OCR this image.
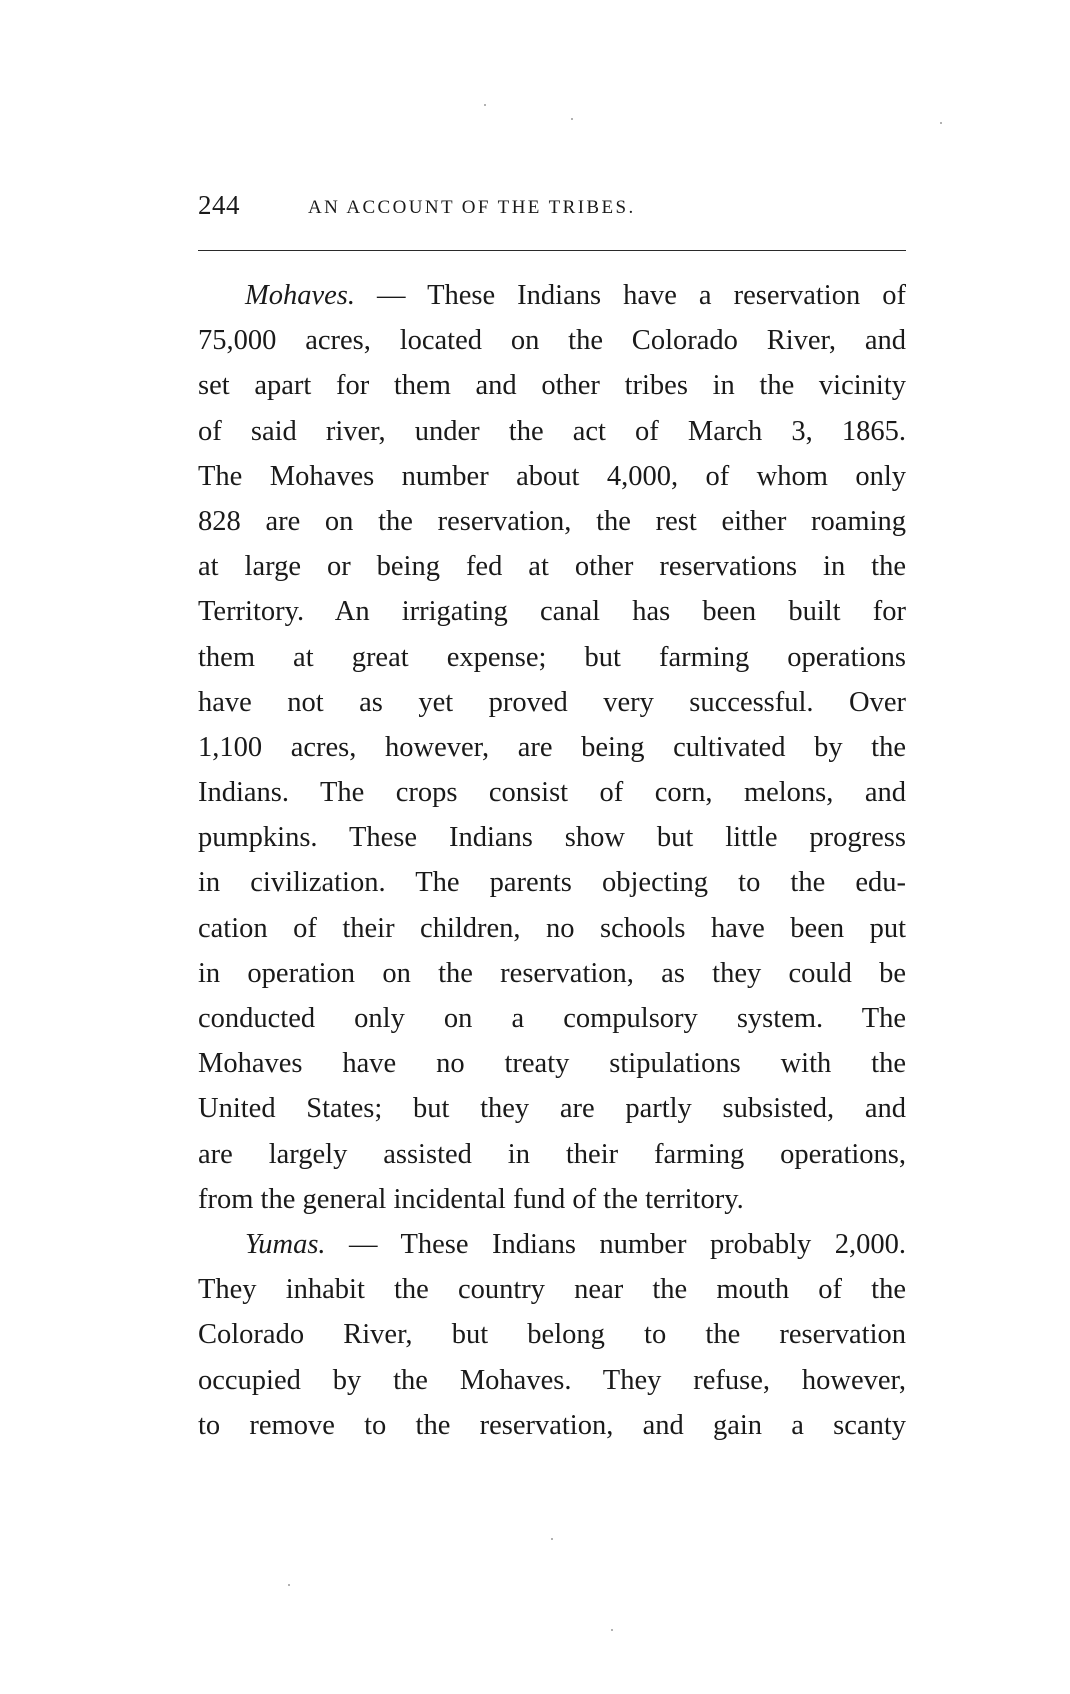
244	AN ACCOUNT OF THE TRIBES.
Mohaves. — These Indians have a reservation of
75,000 acres, located on the Colorado River, and
set apart for them and other tribes in the vicinity
of said river, under the act of March 3, 1865.
The Mohaves number about 4,000, of whom only
828 are on the reservation, the rest either roaming
at large or being fed at other reservations in the
Territory. An irrigating canal has been built for
them at great expense; but farming operations
have not as yet proved very successful. Over
1,100 acres, however, are being cultivated by the
Indians. The crops consist of corn, melons, and
pumpkins. These Indians show but little progress
in civilization. The parents objecting to the edu-
cation of their children, no schools have been put
in operation on the reservation, as they could be
conducted only on a compulsory system. The
Mohaves have no treaty stipulations with the
United States; but they are partly subsisted, and
are largely assisted in their farming operations,
from the general incidental fund of the territory.
Yumas. — These Indians number probably 2,000.
They inhabit the country near the mouth of the
Colorado River, but belong to the reservation
occupied by the Mohaves. They refuse, however,
to remove to the reservation, and gain a scanty
